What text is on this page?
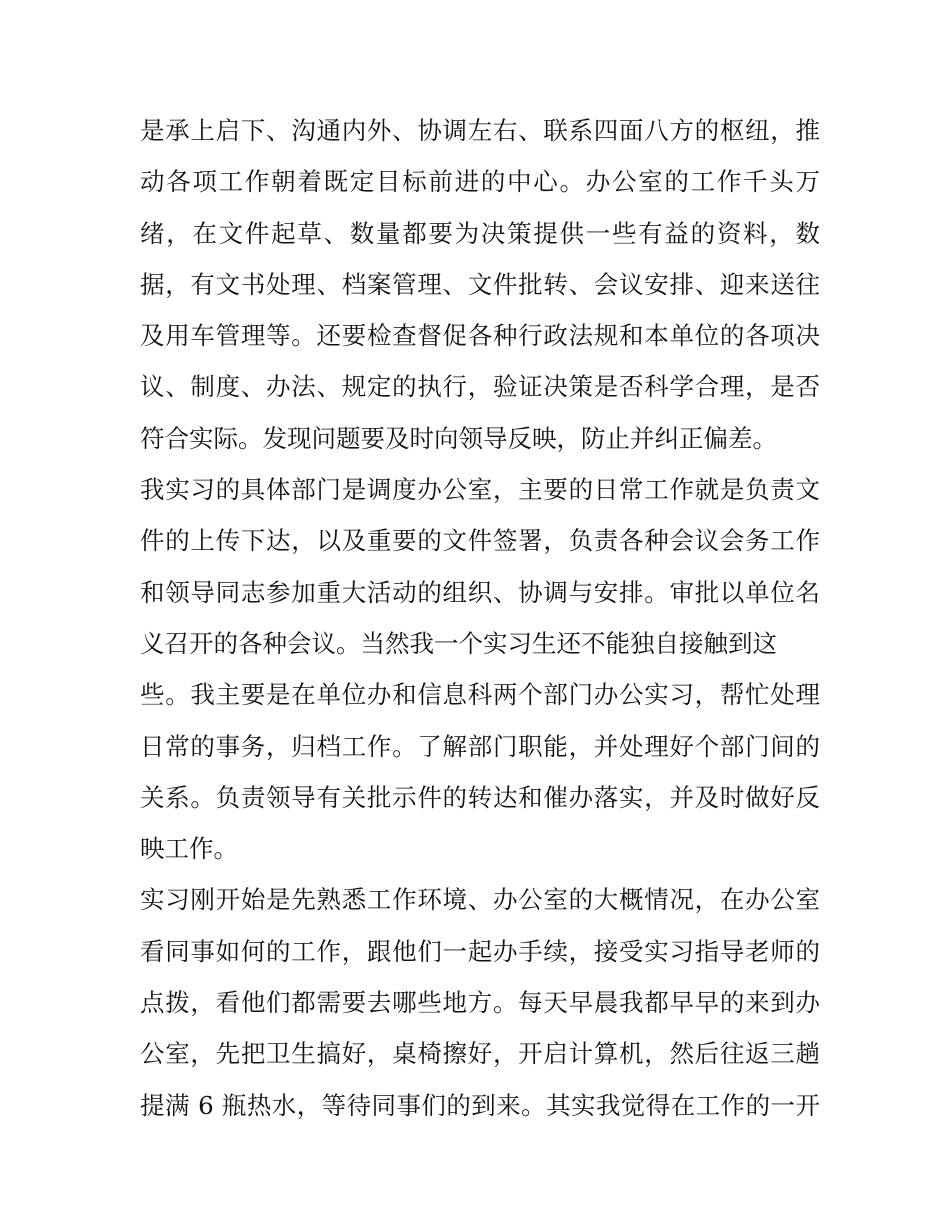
是承上启下、沟通内外、协调左右、联系四面八方的枢纽，推
动各项工作朝着既定目标前进的中心。办公室的工作千头万
绪，在文件起草、数量都要为决策提供一些有益的资料，数
据，有文书处理、档案管理、文件批转、会议安排、迎来送往
及用车管理等。还要检查督促各种行政法规和本单位的各项决
议、制度、办法、规定的执行，验证决策是否科学合理，是否
符合实际。发现问题要及时向领导反映，防止并纠正偏差。
我实习的具体部门是调度办公室，主要的日常工作就是负责文
件的上传下达，以及重要的文件签署，负责各种会议会务工作
和领导同志参加重大活动的组织、协调与安排。审批以单位名
义召开的各种会议。当然我一个实习生还不能独自接触到这
些。我主要是在单位办和信息科两个部门办公实习，帮忙处理
日常的事务，归档工作。了解部门职能，并处理好个部门间的
关系。负责领导有关批示件的转达和催办落实，并及时做好反
映工作。
实习刚开始是先熟悉工作环境、办公室的大概情况，在办公室
看同事如何的工作，跟他们一起办手续，接受实习指导老师的
点拨，看他们都需要去哪些地方。每天早晨我都早早的来到办
公室，先把卫生搞好，桌椅擦好，开启计算机，然后往返三趟
提满 6 瓶热水，等待同事们的到来。其实我觉得在工作的一开
